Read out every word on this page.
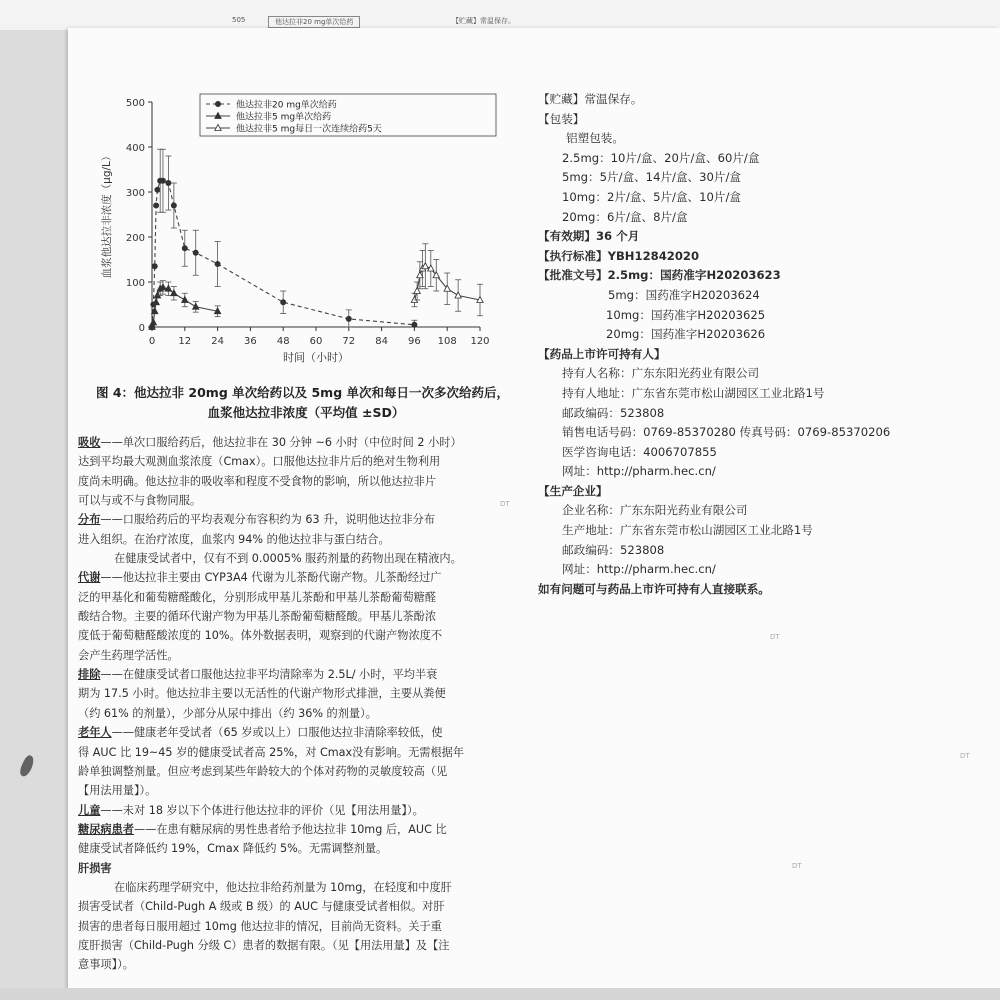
505	他达拉非20 mg单次给药	【贮藏】常温保存。
0
100
200
300
400
500
0 12 24 36 48 60 72 84 96 108 120
时间（小时）
血浆他达拉非浓度（μg/L）
他达拉非20 mg单次给药
他达拉非5 mg单次给药
他达拉非5 mg每日一次连续给药5天
图 4：他达拉非 20mg 单次给药以及 5mg 单次和每日一次多次给药后，
血浆他达拉非浓度（平均值 ±SD）

吸收——单次口服给药后，他达拉非在 30 分钟 ~6 小时（中位时间 2 小时）

达到平均最大观测血浆浓度（Cmax）。口服他达拉非片后的绝对生物利用

度尚未明确。他达拉非的吸收率和程度不受食物的影响，所以他达拉非片

可以与或不与食物同服。

分布——口服给药后的平均表观分布容积约为 63 升，说明他达拉非分布

进入组织。在治疗浓度，血浆内 94% 的他达拉非与蛋白结合。

在健康受试者中，仅有不到 0.0005% 服药剂量的药物出现在精液内。

代谢——他达拉非主要由 CYP3A4 代谢为儿茶酚代谢产物。儿茶酚经过广

泛的甲基化和葡萄糖醛酸化，分别形成甲基儿茶酚和甲基儿茶酚葡萄糖醛

酸结合物。主要的循环代谢产物为甲基儿茶酚葡萄糖醛酸。甲基儿茶酚浓

度低于葡萄糖醛酸浓度的 10%。体外数据表明，观察到的代谢产物浓度不

会产生药理学活性。

排除——在健康受试者口服他达拉非平均清除率为 2.5L/ 小时，平均半衰

期为 17.5 小时。他达拉非主要以无活性的代谢产物形式排泄，主要从粪便

（约 61% 的剂量），少部分从尿中排出（约 36% 的剂量）。

老年人——健康老年受试者（65 岁或以上）口服他达拉非清除率较低，使

得 AUC 比 19~45 岁的健康受试者高 25%，对 Cmax没有影响。无需根据年

龄单独调整剂量。但应考虑到某些年龄较大的个体对药物的灵敏度较高（见

【用法用量】）。

儿童——未对 18 岁以下个体进行他达拉非的评价（见【用法用量】）。

糖尿病患者——在患有糖尿病的男性患者给予他达拉非 10mg 后，AUC 比

健康受试者降低约 19%，Cmax 降低约 5%。无需调整剂量。

肝损害

在临床药理学研究中，他达拉非给药剂量为 10mg，在轻度和中度肝

损害受试者（Child-Pugh A 级或 B 级）的 AUC 与健康受试者相似。对肝

损害的患者每日服用超过 10mg 他达拉非的情况，目前尚无资料。关于重

度肝损害（Child-Pugh 分级 C）患者的数据有限。（见【用法用量】及【注

意事项】）。

【贮藏】常温保存。
【包装】
铝塑包装。
2.5mg：10片/盒、20片/盒、60片/盒
5mg：5片/盒、14片/盒、30片/盒
10mg：2片/盒、5片/盒、10片/盒
20mg：6片/盒、8片/盒
【有效期】36 个月
【执行标准】YBH12842020
【批准文号】2.5mg：国药准字H20203623
5mg：国药准字H20203624
10mg：国药准字H20203625
20mg：国药准字H20203626
【药品上市许可持有人】
持有人名称：广东东阳光药业有限公司
持有人地址：广东省东莞市松山湖园区工业北路1号
邮政编码：523808
销售电话号码：0769-85370280 传真号码：0769-85370206
医学咨询电话：4006707855
网址：http://pharm.hec.cn/
【生产企业】
企业名称：广东东阳光药业有限公司
生产地址：广东省东莞市松山湖园区工业北路1号
邮政编码：523808
网址：http://pharm.hec.cn/
如有问题可与药品上市许可持有人直接联系。
DT
DT
DT
DT
